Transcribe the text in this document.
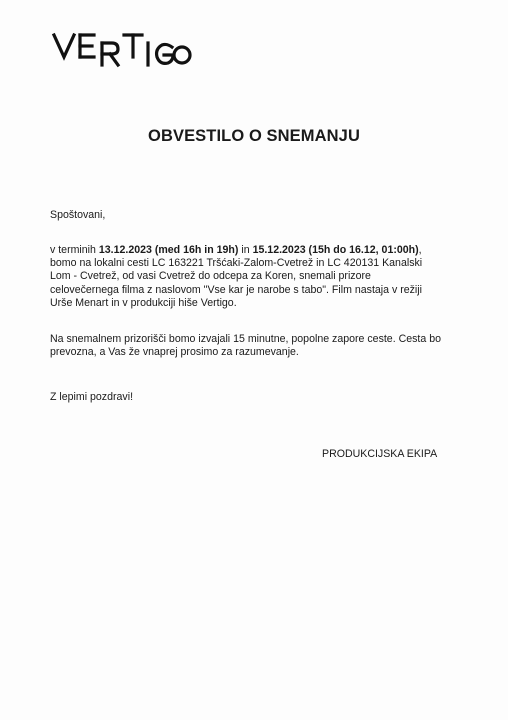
OBVESTILO O SNEMANJU
Spoštovani,
v terminih 13.12.2023 (med 16h in 19h) in 15.12.2023 (15h do 16.12, 01:00h),
bomo na lokalni cesti LC 163221 Tršćaki-Zalom-Cvetrež in LC 420131 Kanalski
Lom - Cvetrež, od vasi Cvetrež do odcepa za Koren, snemali prizore
celovečernega filma z naslovom "Vse kar je narobe s tabo". Film nastaja v režiji
Urše Menart in v produkciji hiše Vertigo.
Na snemalnem prizorišči bomo izvajali 15 minutne, popolne zapore ceste. Cesta bo
prevozna, a Vas že vnaprej prosimo za razumevanje.
Z lepimi pozdravi!
PRODUKCIJSKA EKIPA
